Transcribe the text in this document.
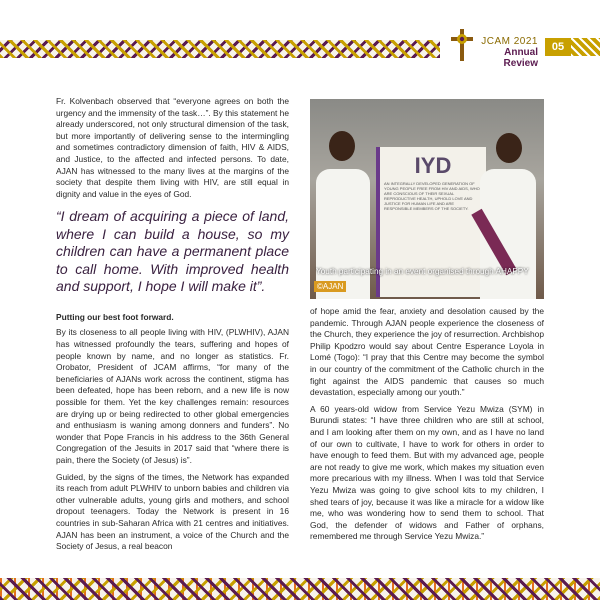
JCAM 2021
Annual Review
05

Fr. Kolvenbach observed that “everyone agrees on both the urgency and the immensity of the task…”. By this statement he already underscored, not only structural dimension of the task, but more importantly of delivering sense to the intermingling and sometimes contradictory dimension of faith, HIV & AIDS, and Justice, to the affected and infected persons. To date, AJAN has witnessed to the many lives at the margins of the society that despite them living with HIV, are still equal in dignity and value in the eyes of God.

“I dream of acquiring a piece of land, where I can build a house, so my children can have a permanent place to call home. With improved health and support, I hope I will make it”.

Putting our best foot forward.

By its closeness to all people living with HIV, (PLWHIV), AJAN has witnessed profoundly the tears, suffering and hopes of people known by name, and no longer as statistics. Fr. Orobator, President of JCAM affirms, “for many of the beneficiaries of AJANs work across the continent, stigma has been defeated, hope has been reborn, and a new life is now possible for them. Yet the key challenges remain: resources are drying up or being redirected to other global emergencies and enthusiasm is waning among donners and funders”. No wonder that Pope Francis in his address to the 36th General Congregation of the Jesuits in 2017 said that “where there is pain, there the Society (of Jesus) is”.

Guided, by the signs of the times, the Network has expanded its reach from adult PLWHIV to unborn babies and children via other vulnerable adults, young girls and mothers, and school dropout teenagers. Today the Network is present in 16 countries in sub-Saharan Africa with 21 centres and initiatives. AJAN has been an instrument, a voice of the Church and the Society of Jesus, a real beacon

IYD
AN INTEGRALLY DEVELOPED GENERATION OF YOUNG PEOPLE FREE FROM HIV AND AIDS, WHO ARE CONSCIOUS OF THEIR SEXUAL REPRODUCTIVE HEALTH, UPHOLD LOVE AND JUSTICE FOR HUMAN LIFE AND ARE RESPONSIBLE MEMBERS OF THE SOCIETY.
Youth participating in an event organised through AHAPPY
©AJAN

of hope amid the fear, anxiety and desolation caused by the pandemic. Through AJAN people experience the closeness of the Church, they experience the joy of resurrection. Archbishop Philip Kpodzro would say about Centre Esperance Loyola in Lomé (Togo): “I pray that this Centre may become the symbol in our country of the commitment of the Catholic church in the fight against the AIDS pandemic that causes so much devastation, especially among our youth.”

A 60 years-old widow from Service Yezu Mwiza (SYM) in Burundi states: “I have three children who are still at school, and I am looking after them on my own, and as I have no land of our own to cultivate, I have to work for others in order to have enough to feed them. But with my advanced age, people are not ready to give me work, which makes my situation even more precarious with my illness. When I was told that Service Yezu Mwiza was going to give school kits to my children, I shed tears of joy, because it was like a miracle for a widow like me, who was wondering how to send them to school. That God, the defender of widows and Father of orphans, remembered me through Service Yezu Mwiza.”
